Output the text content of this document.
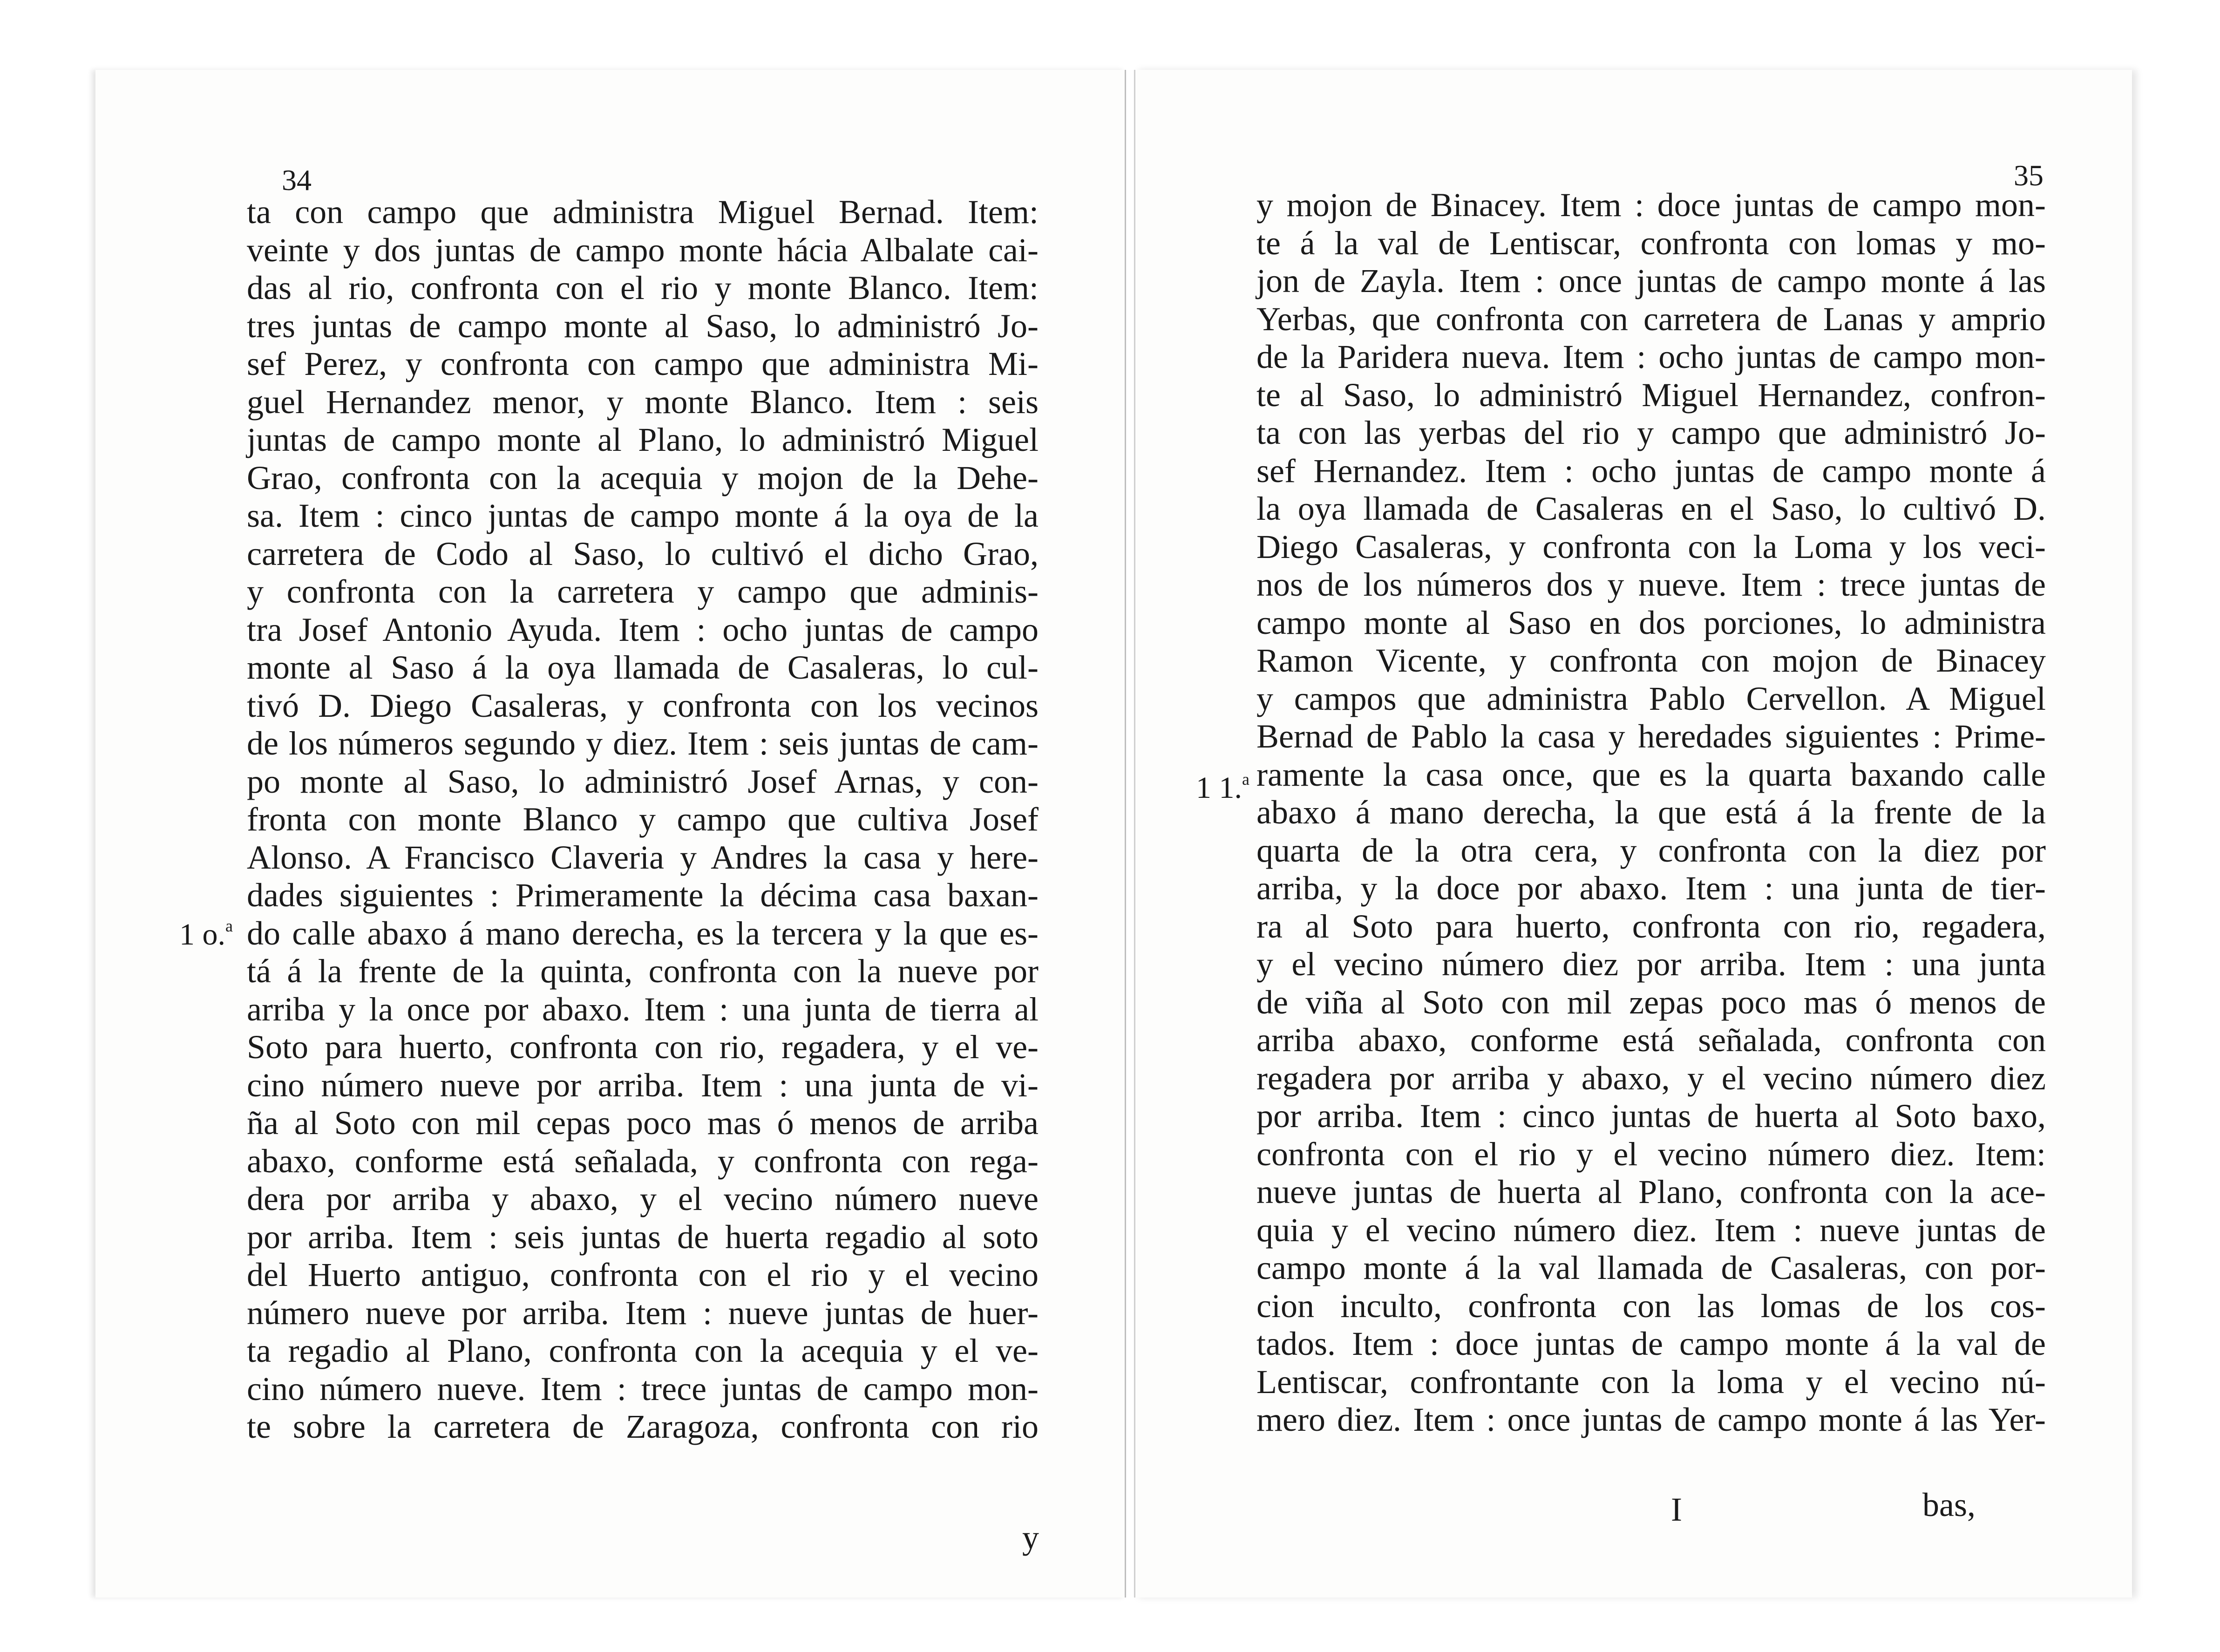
34
1 o.$^a$
ta con campo que administra Miguel Bernad. Item:
veinte y dos juntas de campo monte hácia Albalate cai-
das al rio, confronta con el rio y monte Blanco. Item:
tres juntas de campo monte al Saso, lo administró Jo-
sef Perez, y confronta con campo que administra Mi-
guel Hernandez menor, y monte Blanco. Item : seis
juntas de campo monte al Plano, lo administró Miguel
Grao, confronta con la acequia y mojon de la Dehe-
sa. Item : cinco juntas de campo monte á la oya de la
carretera de Codo al Saso, lo cultivó el dicho Grao,
y confronta con la carretera y campo que adminis-
tra Josef Antonio Ayuda. Item : ocho juntas de campo
monte al Saso á la oya llamada de Casaleras, lo cul-
tivó D. Diego Casaleras, y confronta con los vecinos
de los números segundo y diez. Item : seis juntas de cam-
po monte al Saso, lo administró Josef Arnas, y con-
fronta con monte Blanco y campo que cultiva Josef
Alonso. A Francisco Claveria y Andres la casa y here-
dades siguientes : Primeramente la décima casa baxan-
do calle abaxo á mano derecha, es la tercera y la que es-
tá á la frente de la quinta, confronta con la nueve por
arriba y la once por abaxo. Item : una junta de tierra al
Soto para huerto, confronta con rio, regadera, y el ve-
cino número nueve por arriba. Item : una junta de vi-
ña al Soto con mil cepas poco mas ó menos de arriba
abaxo, conforme está señalada, y confronta con rega-
dera por arriba y abaxo, y el vecino número nueve
por arriba. Item : seis juntas de huerta regadio al soto
del Huerto antiguo, confronta con el rio y el vecino
número nueve por arriba. Item : nueve juntas de huer-
ta regadio al Plano, confronta con la acequia y el ve-
cino número nueve. Item : trece juntas de campo mon-
te sobre la carretera de Zaragoza, confronta con rio
y
35
1 1.$^a$
y mojon de Binacey. Item : doce juntas de campo mon-
te á la val de Lentiscar, confronta con lomas y mo-
jon de Zayla. Item : once juntas de campo monte á las
Yerbas, que confronta con carretera de Lanas y amprio
de la Paridera nueva. Item : ocho juntas de campo mon-
te al Saso, lo administró Miguel Hernandez, confron-
ta con las yerbas del rio y campo que administró Jo-
sef Hernandez. Item : ocho juntas de campo monte á
la oya llamada de Casaleras en el Saso, lo cultivó D.
Diego Casaleras, y confronta con la Loma y los veci-
nos de los números dos y nueve. Item : trece juntas de
campo monte al Saso en dos porciones, lo administra
Ramon Vicente, y confronta con mojon de Binacey
y campos que administra Pablo Cervellon. A Miguel
Bernad de Pablo la casa y heredades siguientes : Prime-
ramente la casa once, que es la quarta baxando calle
abaxo á mano derecha, la que está á la frente de la
quarta de la otra cera, y confronta con la diez por
arriba, y la doce por abaxo. Item : una junta de tier-
ra al Soto para huerto, confronta con rio, regadera,
y el vecino número diez por arriba. Item : una junta
de viña al Soto con mil zepas poco mas ó menos de
arriba abaxo, conforme está señalada, confronta con
regadera por arriba y abaxo, y el vecino número diez
por arriba. Item : cinco juntas de huerta al Soto baxo,
confronta con el rio y el vecino número diez. Item:
nueve juntas de huerta al Plano, confronta con la ace-
quia y el vecino número diez. Item : nueve juntas de
campo monte á la val llamada de Casaleras, con por-
cion inculto, confronta con las lomas de los cos-
tados. Item : doce juntas de campo monte á la val de
Lentiscar, confrontante con la loma y el vecino nú-
mero diez. Item : once juntas de campo monte á las Yer-
I	bas,
